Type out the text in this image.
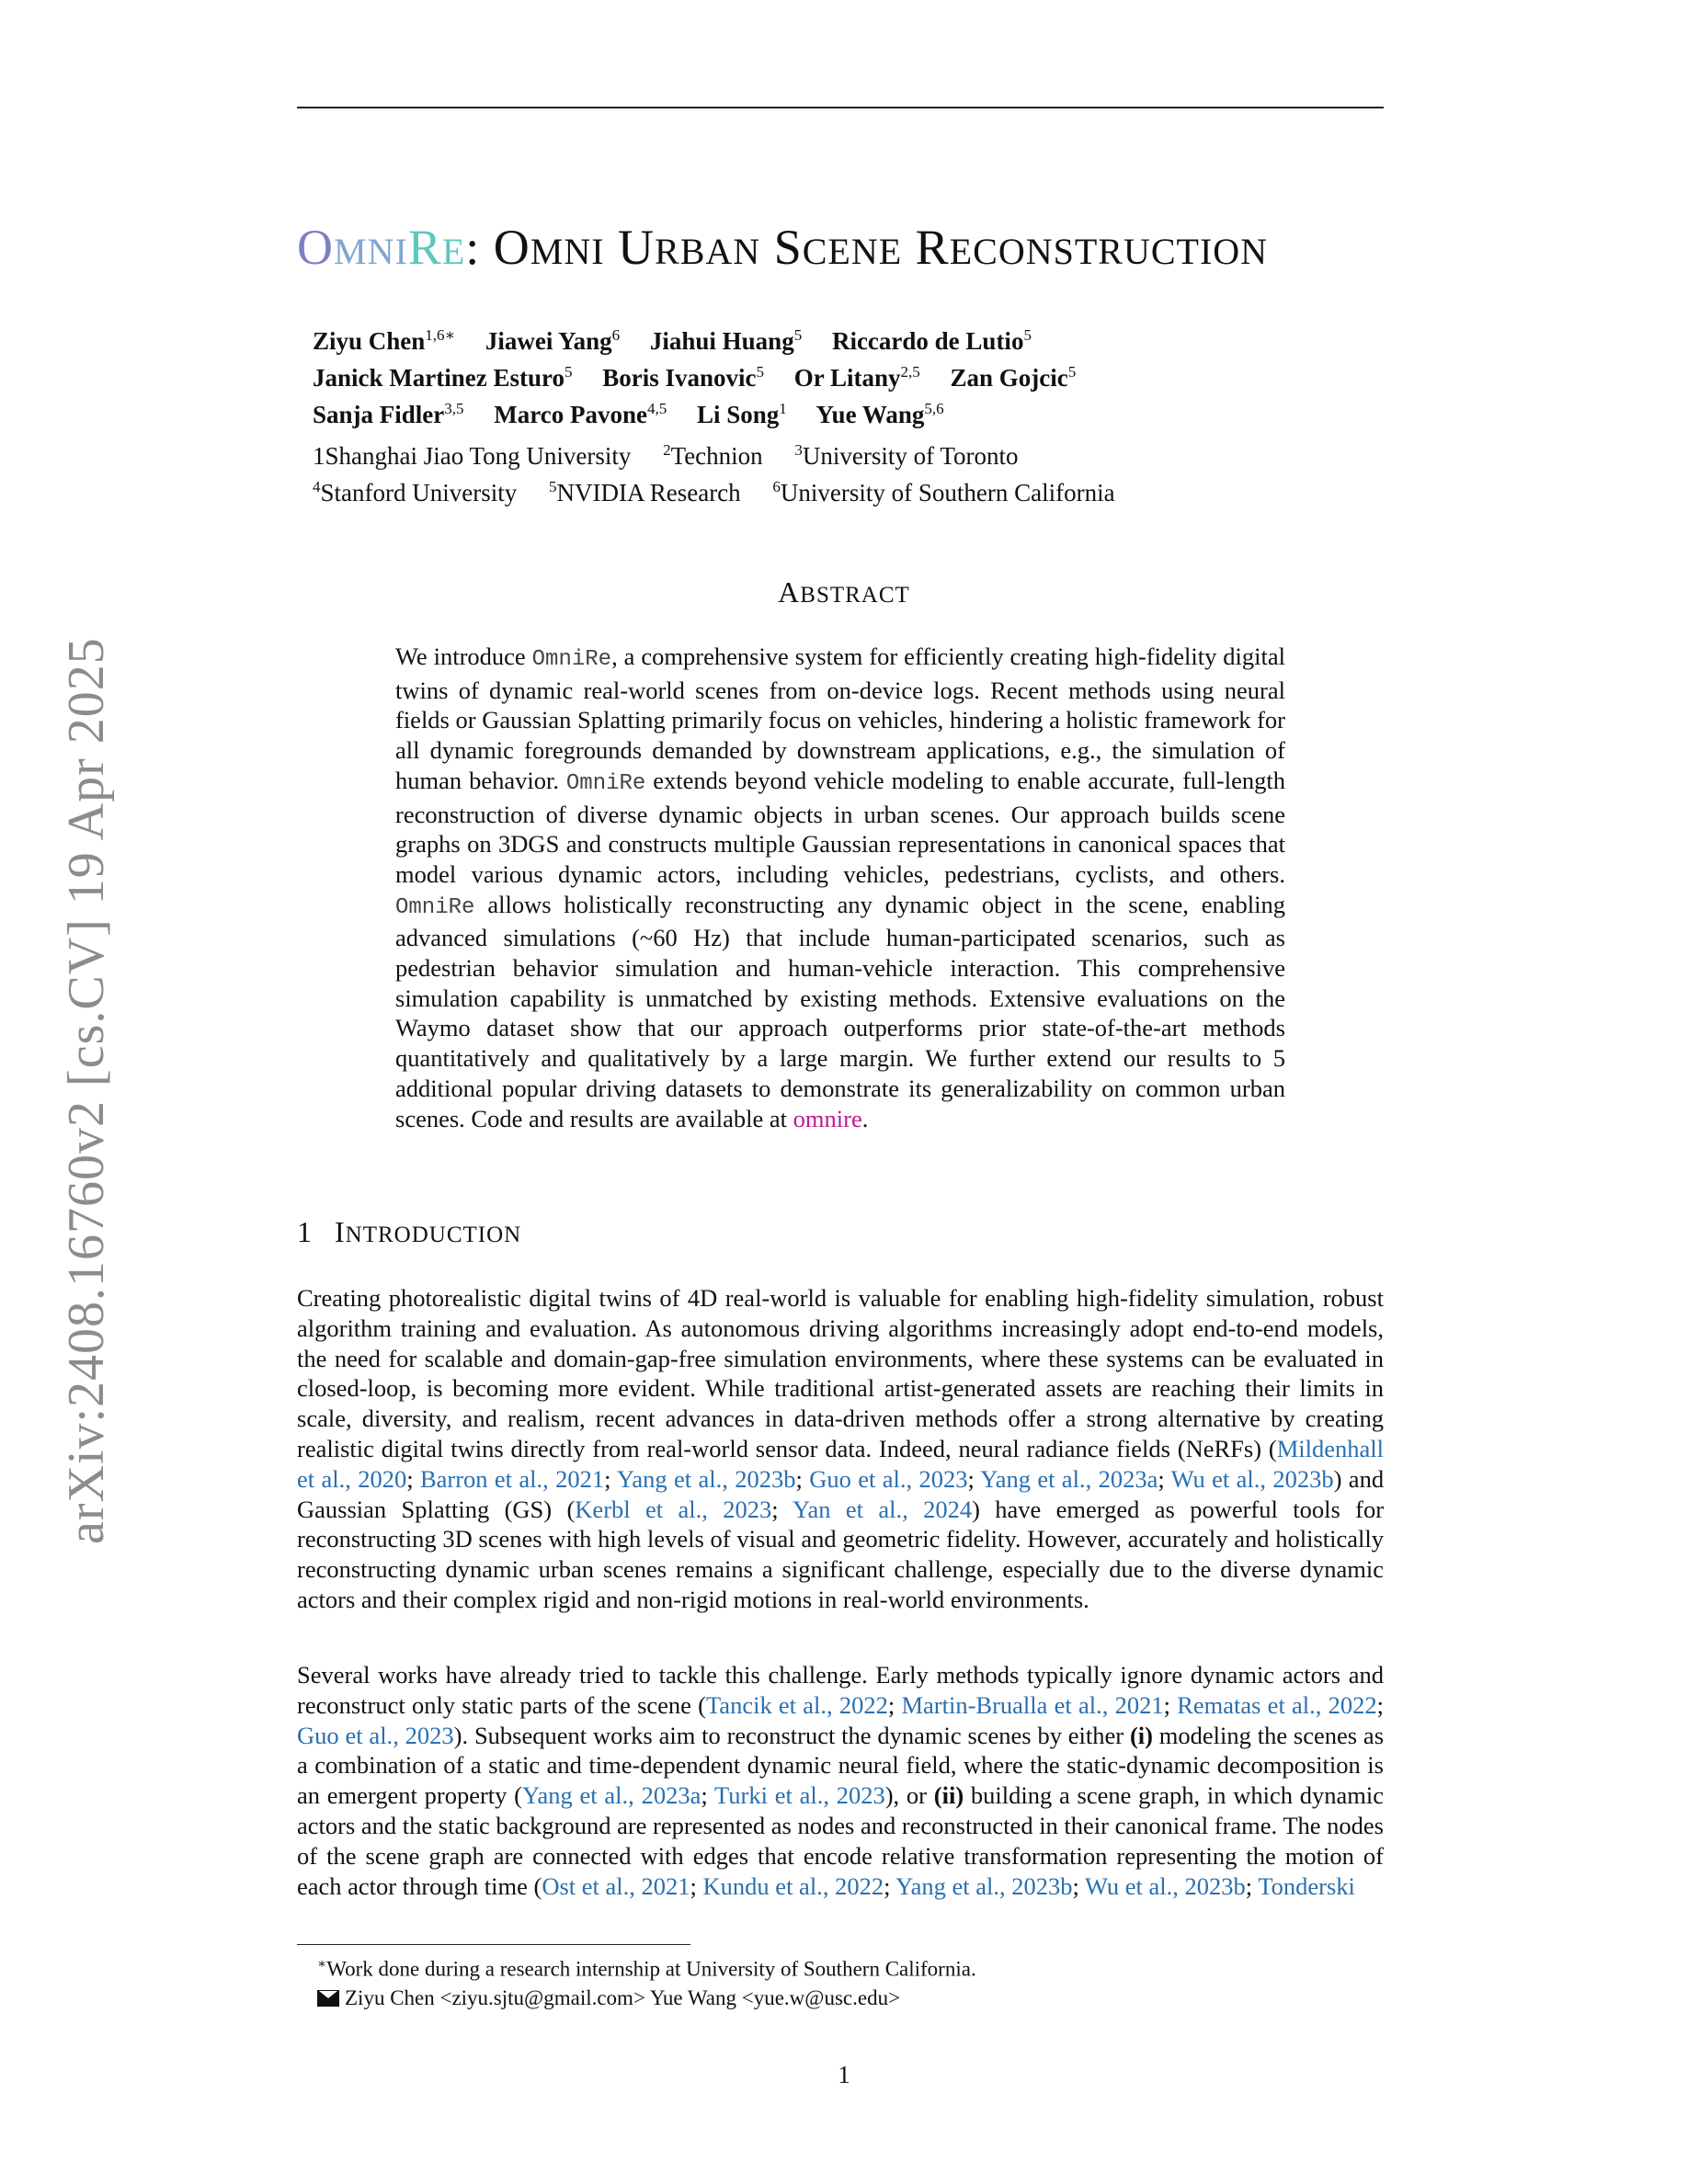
arXiv:2408.16760v2 [cs.CV] 19 Apr 2025
OMNIRE: OMNI URBAN SCENE RECONSTRUCTION
Ziyu Chen$^{1,6∗}$ Jiawei Yang$^6$ Jiahui Huang$^5$ Riccardo de Lutio$^5$
Janick Martinez Esturo$^5$ Boris Ivanovic$^5$ Or Litany$^{2,5}$ Zan Gojcic$^5$
Sanja Fidler$^{3,5}$ Marco Pavone$^{4,5}$ Li Song$^1$ Yue Wang$^{5,6}$
1Shanghai Jiao Tong University $^2$Technion $^3$University of Toronto
$^4$Stanford University $^5$NVIDIA Research $^6$University of Southern California
ABSTRACT
We introduce OmniRe, a comprehensive system for efficiently creating high-fidelity digital twins of dynamic real-world scenes from on-device logs. Recent methods using neural fields or Gaussian Splatting primarily focus on vehicles, hindering a holistic framework for all dynamic foregrounds demanded by downstream applications, e.g., the simulation of human behavior. OmniRe extends beyond vehicle modeling to enable accurate, full-length reconstruction of diverse dynamic objects in urban scenes. Our approach builds scene graphs on 3DGS and constructs multiple Gaussian representations in canonical spaces that model various dynamic actors, including vehicles, pedestrians, cyclists, and others. OmniRe allows holistically reconstructing any dynamic object in the scene, enabling advanced simulations (~60 Hz) that include human-participated scenarios, such as pedestrian behavior simulation and human-vehicle interaction. This comprehensive simulation capability is unmatched by existing methods. Extensive evaluations on the Waymo dataset show that our approach outperforms prior state-of-the-art methods quantitatively and qualitatively by a large margin. We further extend our results to 5 additional popular driving datasets to demonstrate its generalizability on common urban scenes. Code and results are available at omnire.
1 INTRODUCTION
Creating photorealistic digital twins of 4D real-world is valuable for enabling high-fidelity simulation, robust algorithm training and evaluation. As autonomous driving algorithms increasingly adopt end-to-end models, the need for scalable and domain-gap-free simulation environments, where these systems can be evaluated in closed-loop, is becoming more evident. While traditional artist-generated assets are reaching their limits in scale, diversity, and realism, recent advances in data-driven methods offer a strong alternative by creating realistic digital twins directly from real-world sensor data. Indeed, neural radiance fields (NeRFs) (Mildenhall et al., 2020; Barron et al., 2021; Yang et al., 2023b; Guo et al., 2023; Yang et al., 2023a; Wu et al., 2023b) and Gaussian Splatting (GS) (Kerbl et al., 2023; Yan et al., 2024) have emerged as powerful tools for reconstructing 3D scenes with high levels of visual and geometric fidelity. However, accurately and holistically reconstructing dynamic urban scenes remains a significant challenge, especially due to the diverse dynamic actors and their complex rigid and non-rigid motions in real-world environments.
Several works have already tried to tackle this challenge. Early methods typically ignore dynamic actors and reconstruct only static parts of the scene (Tancik et al., 2022; Martin-Brualla et al., 2021; Rematas et al., 2022; Guo et al., 2023). Subsequent works aim to reconstruct the dynamic scenes by either (i) modeling the scenes as a combination of a static and time-dependent dynamic neural field, where the static-dynamic decomposition is an emergent property (Yang et al., 2023a; Turki et al., 2023), or (ii) building a scene graph, in which dynamic actors and the static background are represented as nodes and reconstructed in their canonical frame. The nodes of the scene graph are connected with edges that encode relative transformation representing the motion of each actor through time (Ost et al., 2021; Kundu et al., 2022; Yang et al., 2023b; Wu et al., 2023b; Tonderski
∗Work done during a research internship at University of Southern California.
Ziyu Chen <ziyu.sjtu@gmail.com> Yue Wang <yue.w@usc.edu>
1
